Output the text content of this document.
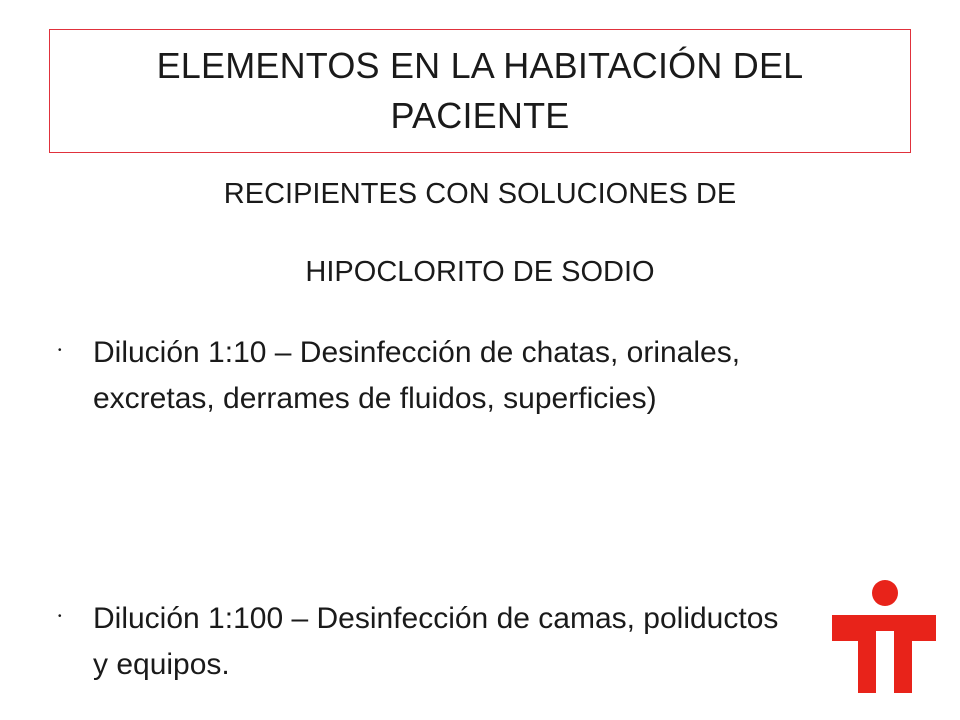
ELEMENTOS EN LA HABITACIÓN DEL PACIENTE
RECIPIENTES CON SOLUCIONES DE
HIPOCLORITO DE SODIO
• Dilución 1:10 – Desinfección de chatas, orinales, excretas, derrames de fluidos, superficies)
• Dilución 1:100 – Desinfección de camas, poliductos y equipos.
